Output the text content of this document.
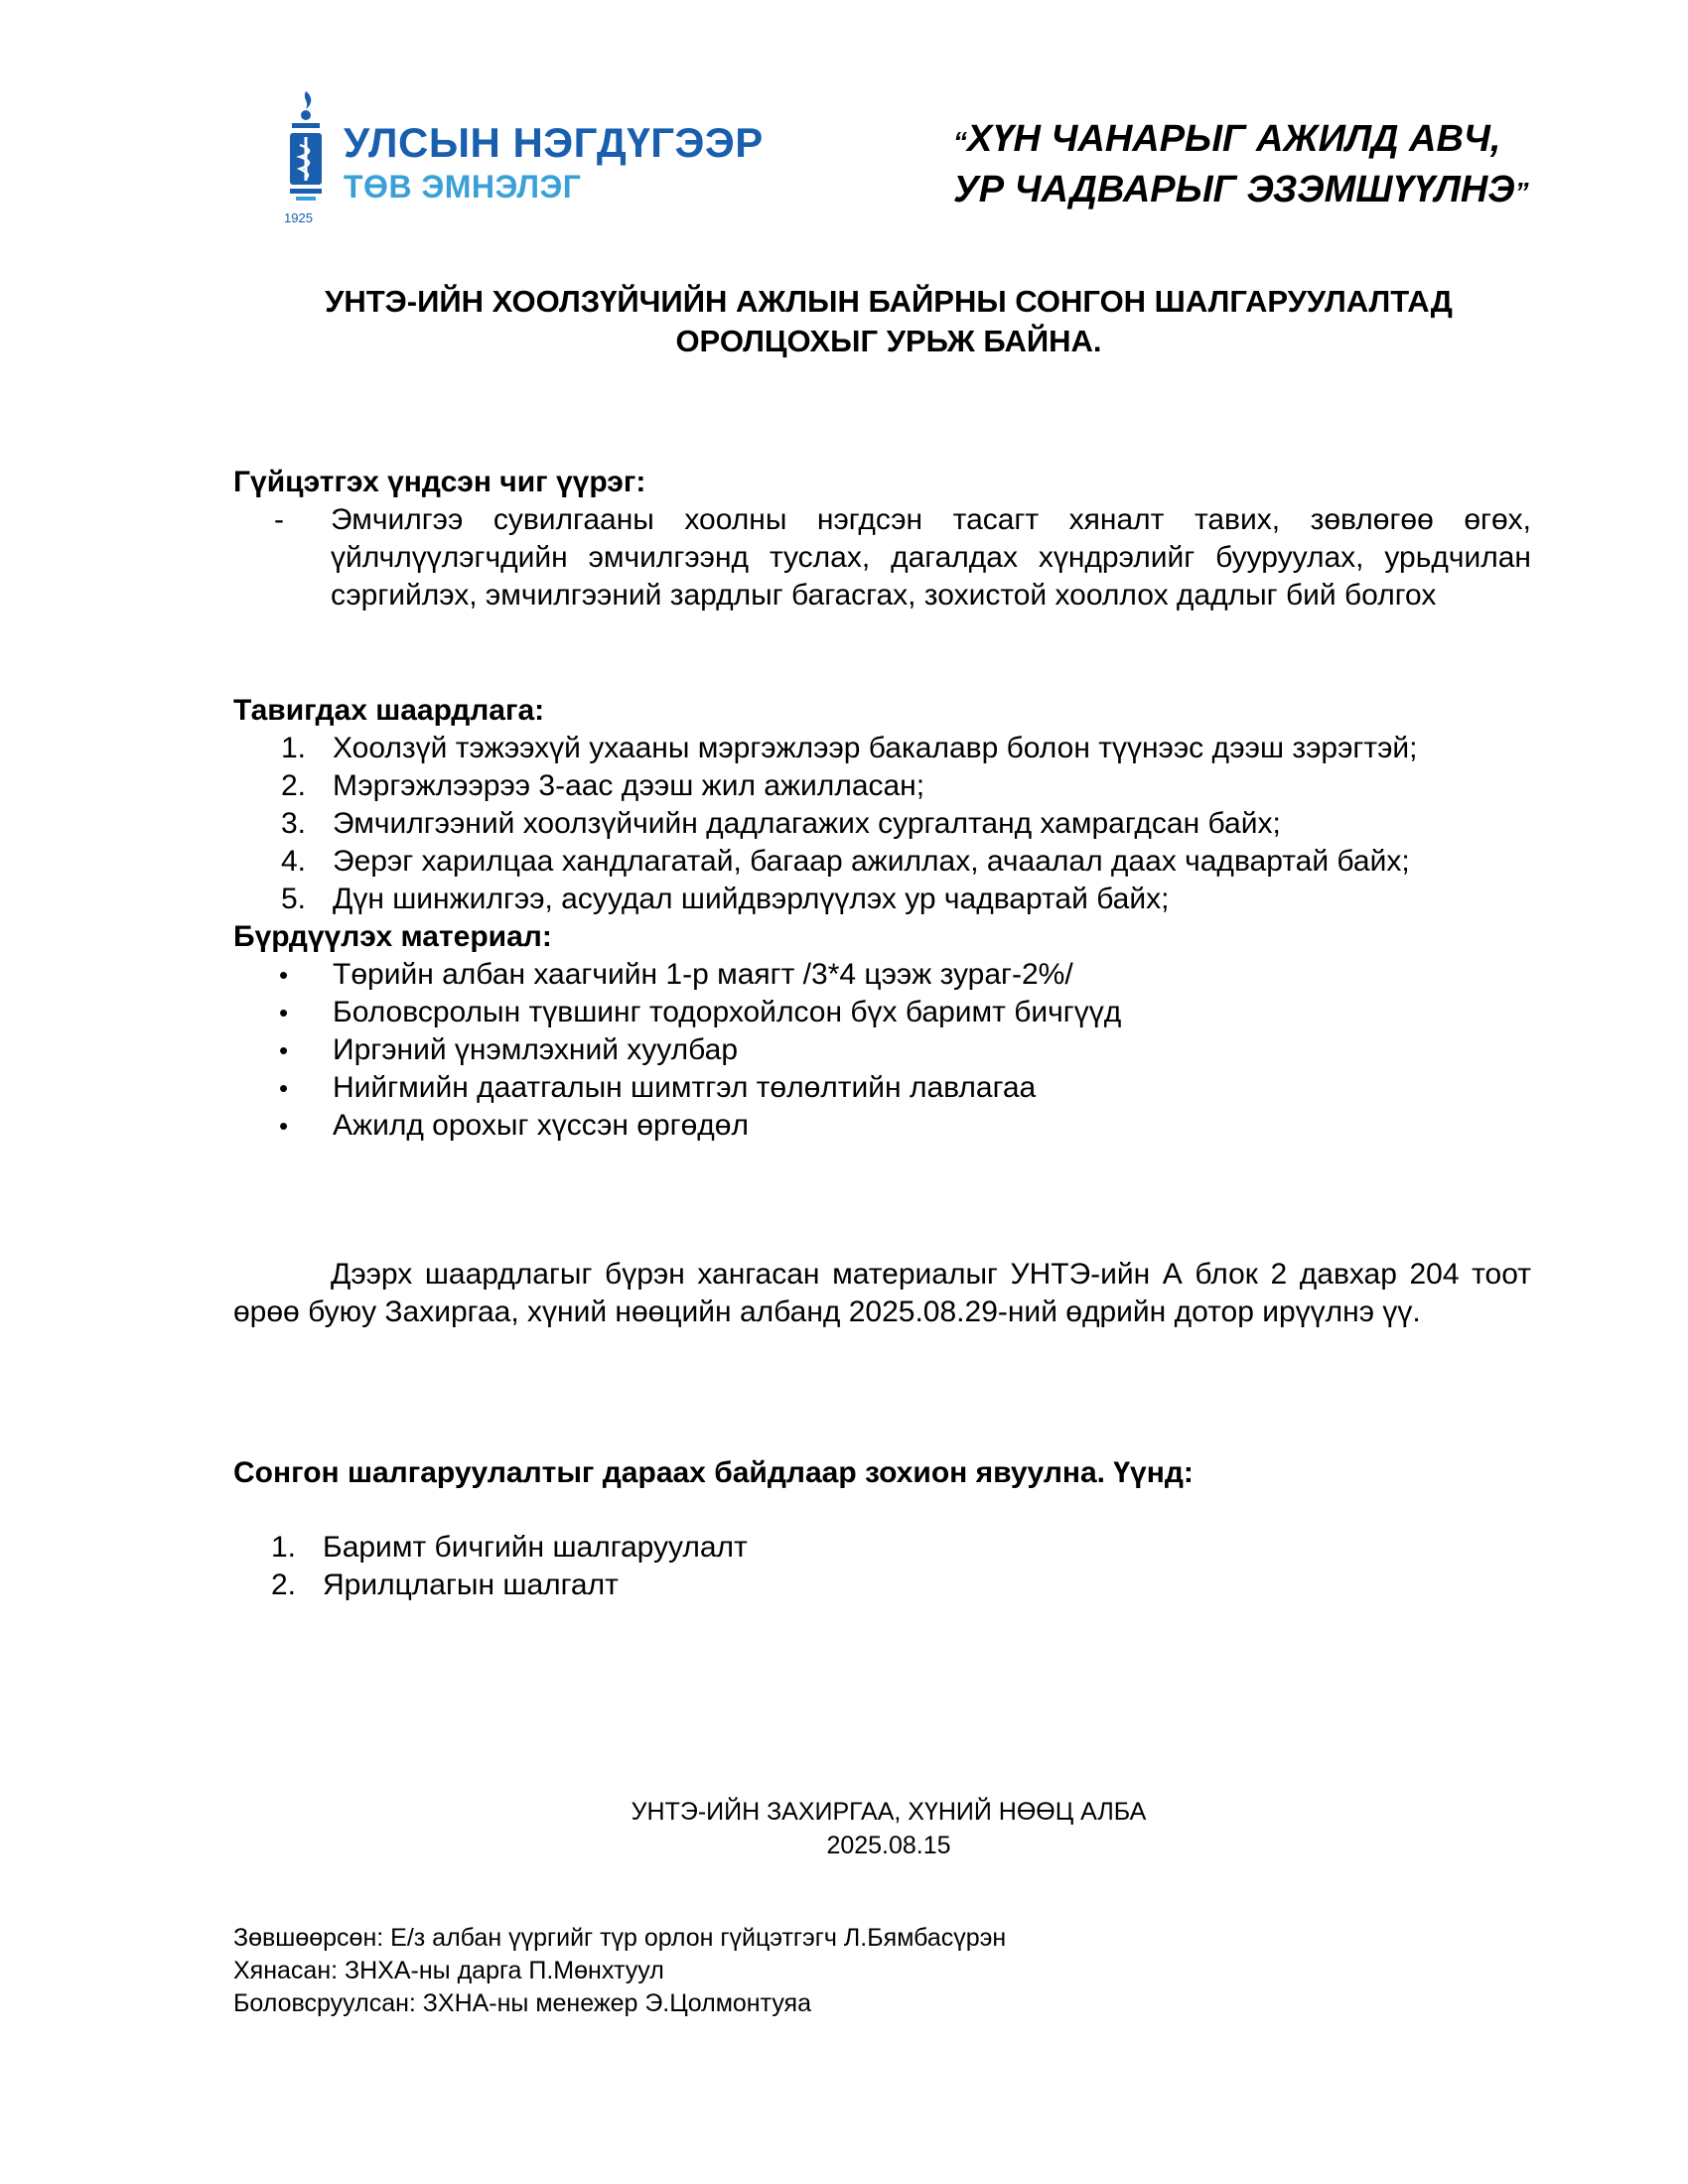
УЛСЫН НЭГДҮГЭЭР
ТӨВ ЭМНЭЛЭГ
1925
“ХҮН ЧАНАРЫГ АЖИЛД АВЧ,
УР ЧАДВАРЫГ ЭЗЭМШҮҮЛНЭ”
УНТЭ-ИЙН ХООЛЗҮЙЧИЙН АЖЛЫН БАЙРНЫ СОНГОН ШАЛГАРУУЛАЛТАД
ОРОЛЦОХЫГ УРЬЖ БАЙНА.
Гүйцэтгэх үндсэн чиг үүрэг:
- Эмчилгээ сувилгааны хоолны нэгдсэн тасагт хяналт тавих, зөвлөгөө өгөх, үйлчлүүлэгчдийн эмчилгээнд туслах, дагалдах хүндрэлийг бууруулах, урьдчилан сэргийлэх, эмчилгээний зардлыг багасгах, зохистой хооллох дадлыг бий болгох
Тавигдах шаардлага:
1. Хоолзүй тэжээхүй ухааны мэргэжлээр бакалавр болон түүнээс дээш зэрэгтэй;
2. Мэргэжлээрээ 3-аас дээш жил ажилласан;
3. Эмчилгээний хоолзүйчийн дадлагажих сургалтанд хамрагдсан байх;
4. Эерэг харилцаа хандлагатай, багаар ажиллах, ачаалал даах чадвартай байх;
5. Дүн шинжилгээ, асуудал шийдвэрлүүлэх ур чадвартай байх;
Бүрдүүлэх материал:
• Төрийн албан хаагчийн 1-р маягт /3*4 цээж зураг-2%/
• Боловсролын түвшинг тодорхойлсон бүх баримт бичгүүд
• Иргэний үнэмлэхний хуулбар
• Нийгмийн даатгалын шимтгэл төлөлтийн лавлагаа
• Ажилд орохыг хүссэн өргөдөл
Дээрх шаардлагыг бүрэн хангасан материалыг УНТЭ-ийн А блок 2 давхар 204 тоот өрөө буюу Захиргаа, хүний нөөцийн албанд 2025.08.29-ний өдрийн дотор ирүүлнэ үү.
Сонгон шалгаруулалтыг дараах байдлаар зохион явуулна. Үүнд:
1. Баримт бичгийн шалгаруулалт
2. Ярилцлагын шалгалт
УНТЭ-ИЙН ЗАХИРГАА, ХҮНИЙ НӨӨЦ АЛБА
2025.08.15
Зөвшөөрсөн: Е/з албан үүргийг түр орлон гүйцэтгэгч Л.Бямбасүрэн
Хянасан: ЗНХА-ны дарга П.Мөнхтуул
Боловсруулсан: ЗХНА-ны менежер Э.Цолмонтуяа
